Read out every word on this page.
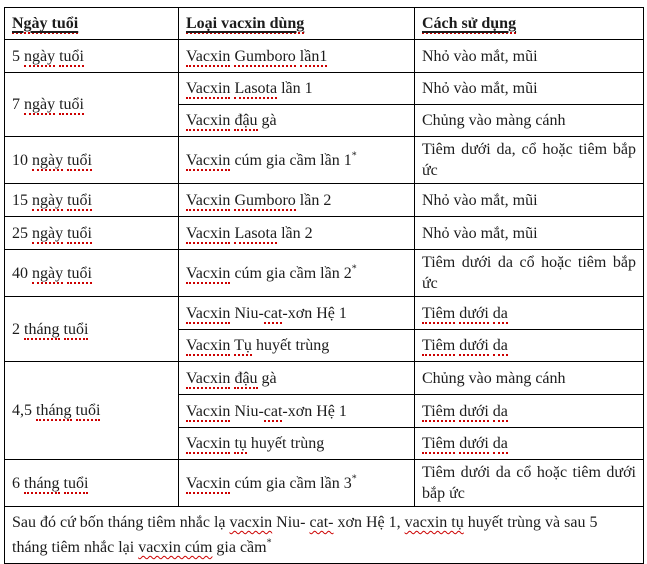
Ngày tuổi	Loại vacxin dùng	Cách sử dụng
5 ngày tuổi	Vacxin Gumboro lần1	Nhỏ vào mắt, mũi
7 ngày tuổi	Vacxin Lasota lần 1	Nhỏ vào mắt, mũi
	Vacxin đậu gà	Chủng vào màng cánh
10 ngày tuổi	Vacxin cúm gia cầm lần 1*	Tiêm dưới da, cổ hoặc tiêm bắp ức
15 ngày tuổi	Vacxin Gumboro lần 2	Nhỏ vào mắt, mũi
25 ngày tuổi	Vacxin Lasota lần 2	Nhỏ vào mắt, mũi
40 ngày tuổi	Vacxin cúm gia cầm lần 2*	Tiêm dưới da cổ hoặc tiêm bắp ức
2 tháng tuổi	Vacxin Niu-cat-xơn Hệ 1	Tiêm dưới da
	Vacxin Tụ huyết trùng	Tiêm dưới da
4,5 tháng tuổi	Vacxin đậu gà	Chủng vào màng cánh
	Vacxin Niu-cat-xơn Hệ 1	Tiêm dưới da
	Vacxin tụ huyết trùng	Tiêm dưới da
6 tháng tuổi	Vacxin cúm gia cầm lần 3*	Tiêm dưới da cổ hoặc tiêm dưới bắp ức
Sau đó cứ bốn tháng tiêm nhắc lạ vacxin Niu- cat- xơn Hệ 1, vacxin tụ huyết trùng và sau 5 tháng tiêm nhắc lại vacxin cúm gia cầm*
